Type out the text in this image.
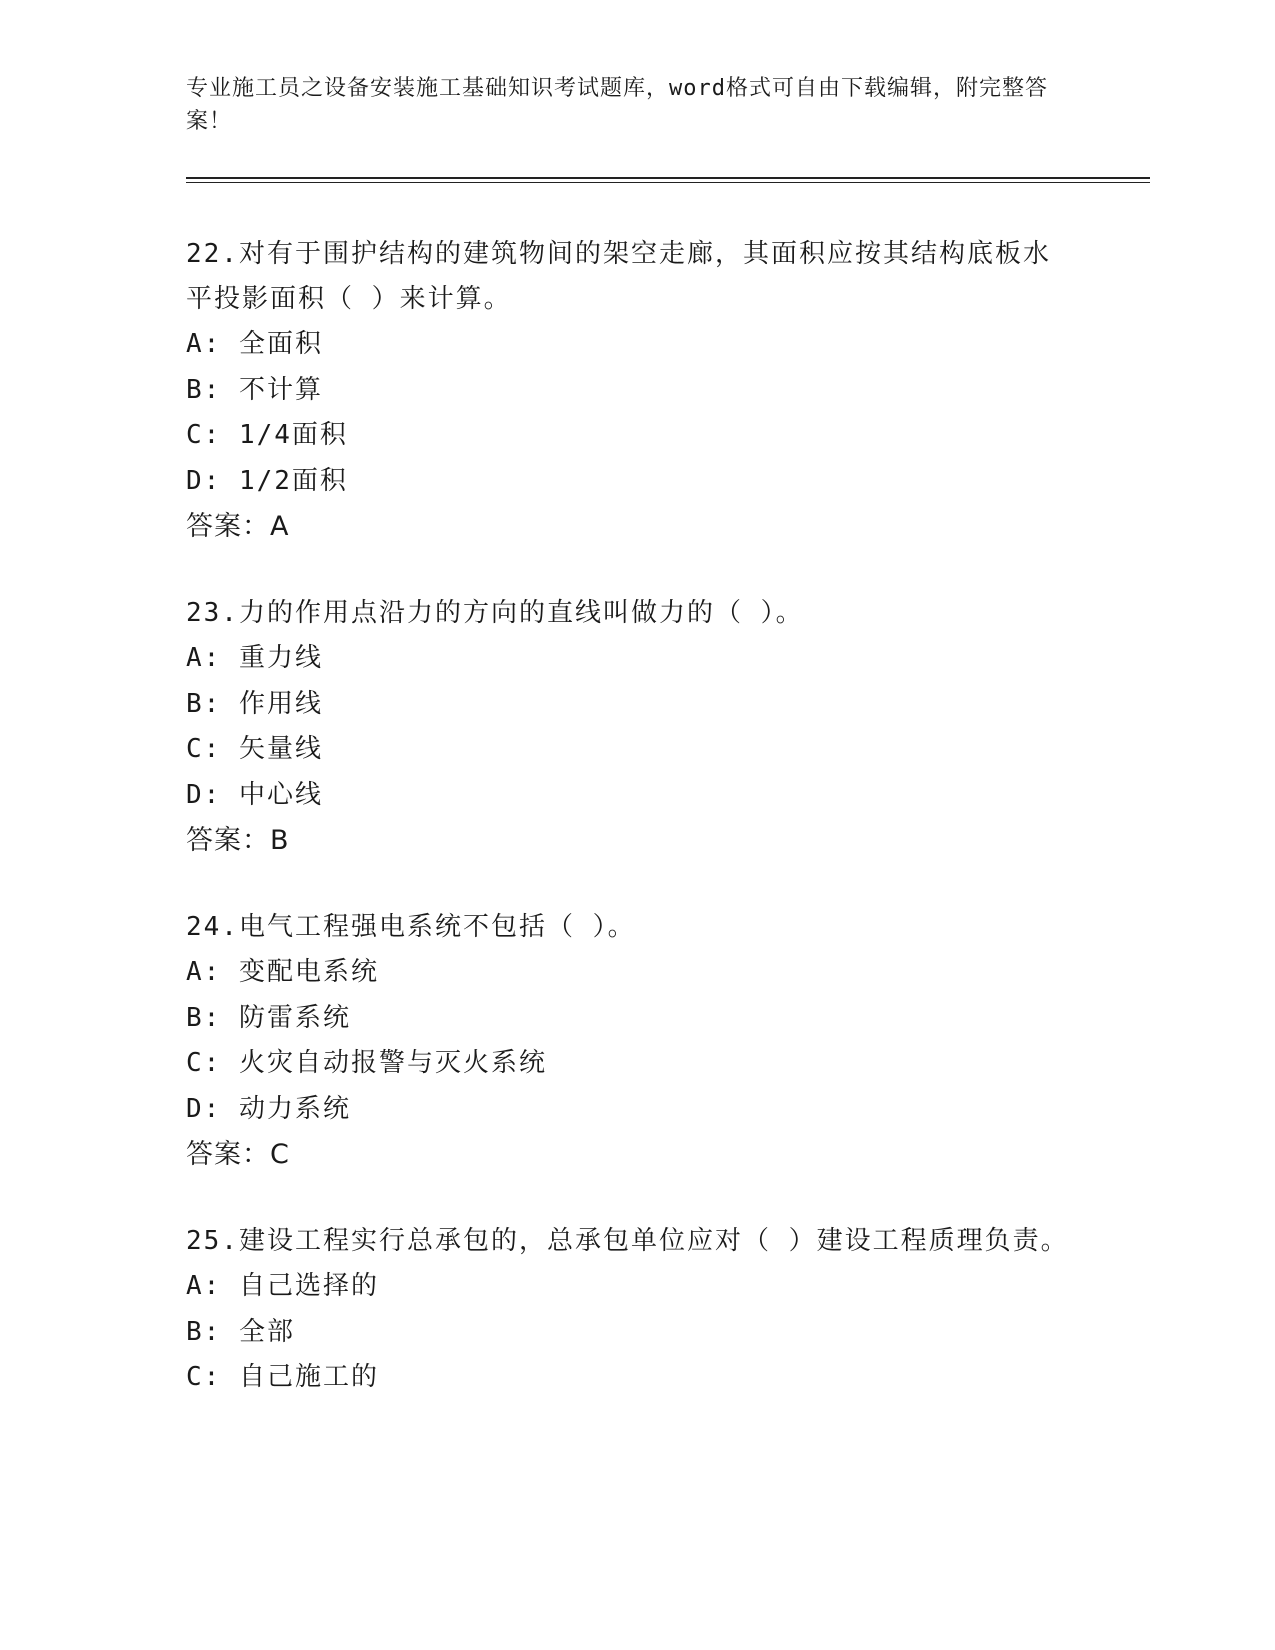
专业施工员之设备安装施工基础知识考试题库，word格式可自由下载编辑，附完整答案！

22.对有于围护结构的建筑物间的架空走廊，其面积应按其结构底板水平投影面积（ ）来计算。

A: 全面积
B: 不计算
C: 1/4面积
D: 1/2面积
答案：A

23.力的作用点沿力的方向的直线叫做力的（ ）。

A: 重力线
B: 作用线
C: 矢量线
D: 中心线
答案：B

24.电气工程强电系统不包括（ ）。

A: 变配电系统
B: 防雷系统
C: 火灾自动报警与灭火系统
D: 动力系统
答案：C

25.建设工程实行总承包的，总承包单位应对（ ）建设工程质理负责。

A: 自己选择的
B: 全部
C: 自己施工的
